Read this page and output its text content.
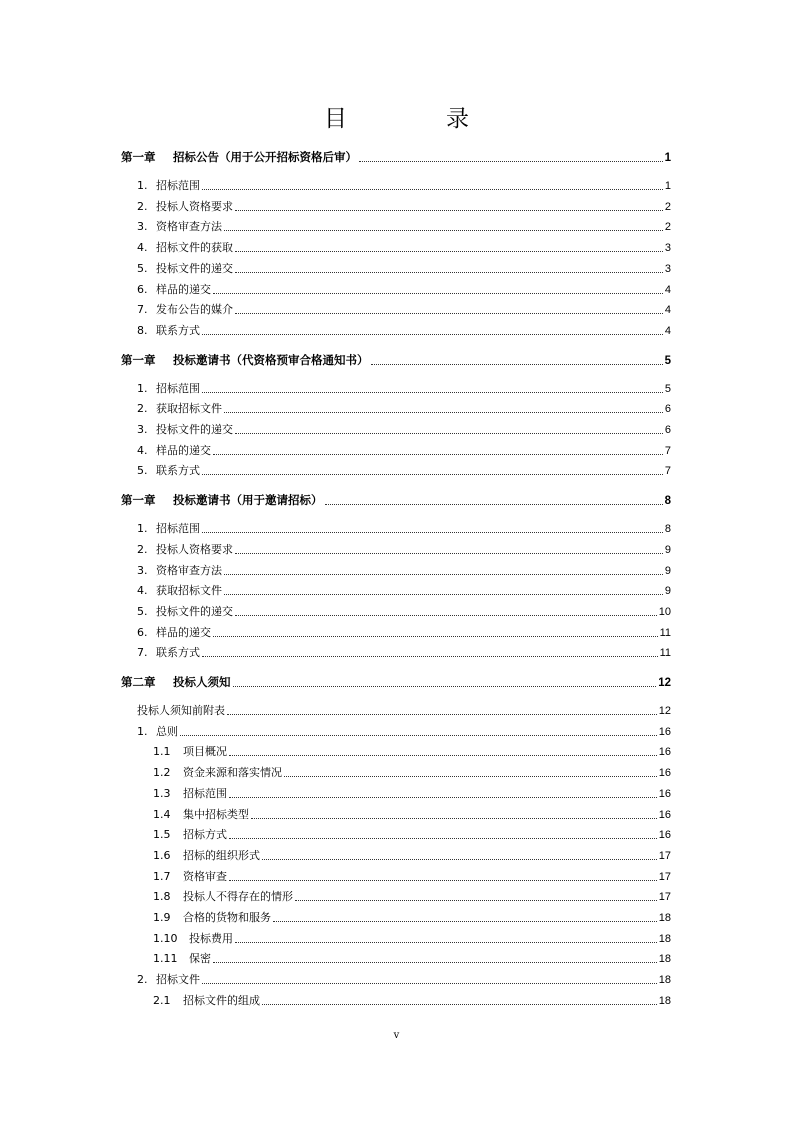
目　录
第一章 招标公告（用于公开招标资格后审）	1
1. 招标范围	1
2. 投标人资格要求	2
3. 资格审查方法	2
4. 招标文件的获取	3
5. 投标文件的递交	3
6. 样品的递交	4
7. 发布公告的媒介	4
8. 联系方式	4
第一章 投标邀请书（代资格预审合格通知书）	5
1. 招标范围	5
2. 获取招标文件	6
3. 投标文件的递交	6
4. 样品的递交	7
5. 联系方式	7
第一章 投标邀请书（用于邀请招标）	8
1. 招标范围	8
2. 投标人资格要求	9
3. 资格审查方法	9
4. 获取招标文件	9
5. 投标文件的递交	10
6. 样品的递交	11
7. 联系方式	11
第二章 投标人须知	12
投标人须知前附表	12
1. 总则	16
1.1 项目概况	16
1.2 资金来源和落实情况	16
1.3 招标范围	16
1.4 集中招标类型	16
1.5 招标方式	16
1.6 招标的组织形式	17
1.7 资格审查	17
1.8 投标人不得存在的情形	17
1.9 合格的货物和服务	18
1.10 投标费用	18
1.11 保密	18
2. 招标文件	18
2.1 招标文件的组成	18
v
